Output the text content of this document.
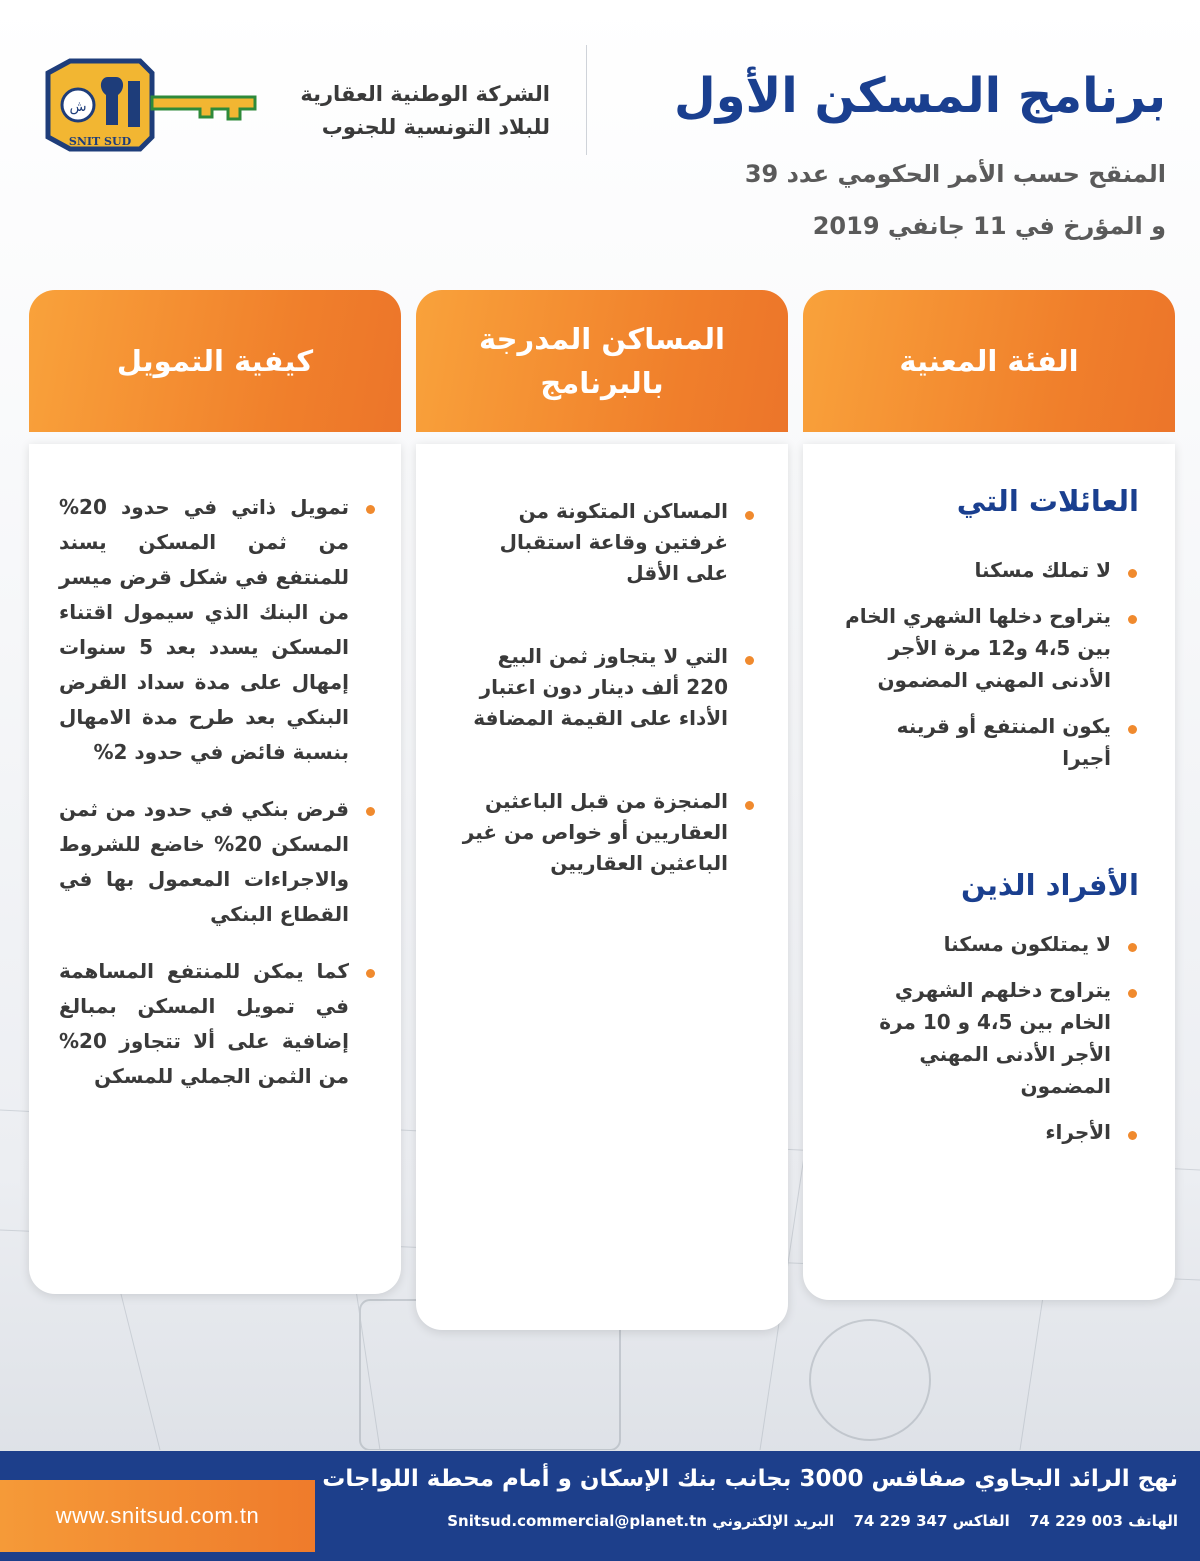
ش
SNIT SUD
الشركة الوطنية العقارية
للبلاد التونسية للجنوب
برنامج المسكن الأول
المنقح حسب الأمر الحكومي عدد 39
و المؤرخ في 11 جانفي 2019
الفئة المعنية
العائلات التي
لا تملك مسكنا
يتراوح دخلها الشهري الخام بين 4،5 و12 مرة الأجر الأدنى المهني المضمون
يكون المنتفع أو قرينه أجيرا
الأفراد الذين
لا يمتلكون مسكنا
يتراوح دخلهم الشهري الخام بين 4،5 و 10 مرة الأجر الأدنى المهني المضمون
الأجراء
المساكن المدرجة بالبرنامج
المساكن المتكونة من غرفتين وقاعة استقبال على الأقل
التي لا يتجاوز ثمن البيع 220 ألف دينار دون اعتبار الأداء على القيمة المضافة
المنجزة من قبل الباعثين العقاريين أو خواص من غير الباعثين العقاريين
كيفية التمويل
تمويل ذاتي في حدود 20% من ثمن المسكن يسند للمنتفع في شكل قرض ميسر من البنك الذي سيمول اقتناء المسكن يسدد بعد 5 سنوات إمهال على مدة سداد القرض البنكي بعد طرح مدة الامهال بنسبة فائض في حدود 2%
قرض بنكي في حدود من ثمن المسكن 20% خاضع للشروط والاجراءات المعمول بها في القطاع البنكي
كما يمكن للمنتفع المساهمة في تمويل المسكن بمبالغ إضافية على ألا تتجاوز 20% من الثمن الجملي للمسكن
www.snitsud.com.tn
نهج الرائد البجاوي صفاقس 3000 بجانب بنك الإسكان و أمام محطة اللواجات
الهاتف 003 229 74 الفاكس 347 229 74 البريد الإلكتروني Snitsud.commercial@planet.tn
